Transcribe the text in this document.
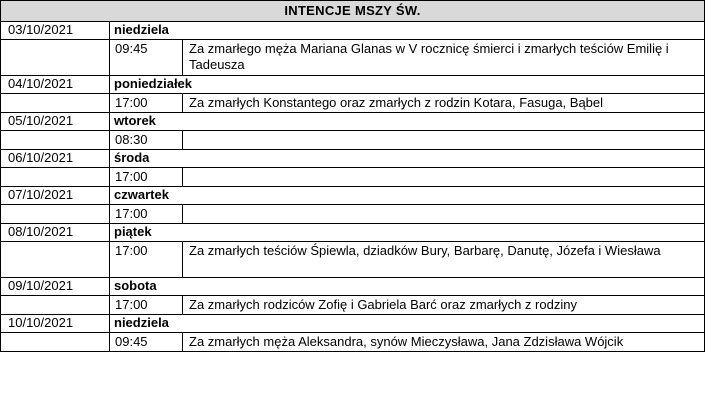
INTENCJE MSZY ŚW.		
03/10/2021	niedziela	
	09:45	Za zmarłego męża Mariana Glanas w V rocznicę śmierci i zmarłych teściów Emilię i Tadeusza
04/10/2021	poniedziałek	
	17:00	Za zmarłych Konstantego oraz zmarłych z rodzin Kotara, Fasuga, Bąbel
05/10/2021	wtorek	
	08:30	
06/10/2021	środa	
	17:00	
07/10/2021	czwartek	
	17:00	
08/10/2021	piątek	
	17:00	Za zmarłych teściów Śpiewla, dziadków Bury, Barbarę, Danutę, Józefa i Wiesława
09/10/2021	sobota	
	17:00	Za zmarłych rodziców Zofię i Gabriela Barć oraz zmarłych z rodziny
10/10/2021	niedziela	
	09:45	Za zmarłych męża Aleksandra, synów Mieczysława, Jana Zdzisława Wójcik
